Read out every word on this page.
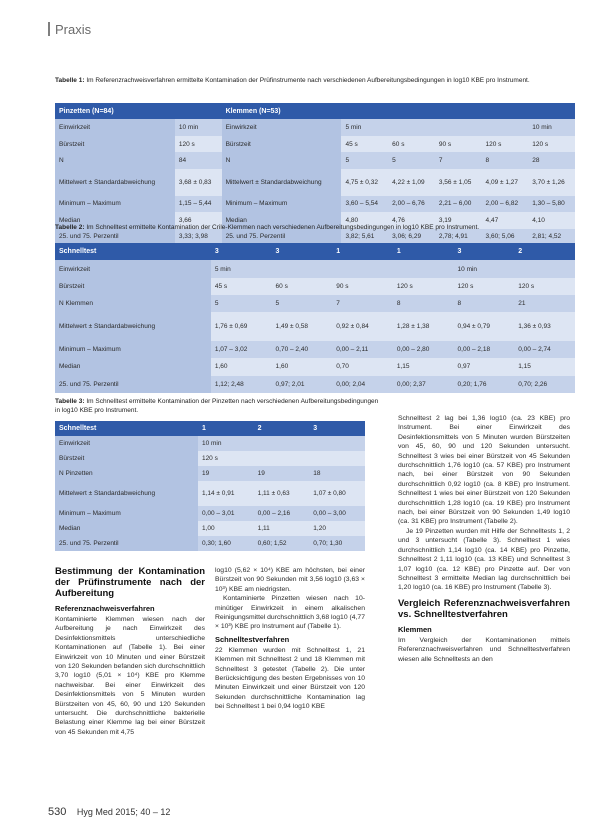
Praxis
Tabelle 1: Im Referenzrachweisverfahren ermittelte Kontamination der Prüfinstrumente nach verschiedenen Aufbereitungsbedingungen in log10 KBE pro Instrument.
Pinzetten (N=84)		Klemmen (N=53)					
Einwirkzeit	10 min	Einwirkzeit	5 min				10 min
Bürstzeit	120 s	Bürstzeit	45 s	60 s	90 s	120 s	120 s
N	84	N	5	5	7	8	28
Mittelwert ± Standardabweichung	3,68 ± 0,83	Mittelwert ± Standardabweichung	4,75 ± 0,32	4,22 ± 1,09	3,56 ± 1,05	4,09 ± 1,27	3,70 ± 1,26
Minimum – Maximum	1,15 – 5,44	Minimum – Maximum	3,60 – 5,54	2,00 – 6,76	2,21 – 6,00	2,00 – 6,82	1,30 – 5,80
Median	3,66	Median	4,80	4,76	3,19	4,47	4,10
25. und 75. Perzentil	3,33; 3,98	25. und 75. Perzentil	3,82; 5,61	3,06; 6,29	2,78; 4,91	3,60; 5,06	2,81; 4,52
Tabelle 2: Im Schnelltest ermittelte Kontamination der Crile-Klemmen nach verschiedenen Aufbereitungsbedingungen in log10 KBE pro Instrument.
Schnelltest	3	3	1	1	3	2
Einwirkzeit	5 min				10 min	
Bürstzeit	45 s	60 s	90 s	120 s	120 s	120 s
N Klemmen	5	5	7	8	8	21
Mittelwert ± Standardabweichung	1,76 ± 0,69	1,49 ± 0,58	0,92 ± 0,84	1,28 ± 1,38	0,94 ± 0,79	1,36 ± 0,93
Minimum – Maximum	1,07 – 3,02	0,70 – 2,40	0,00 – 2,11	0,00 – 2,80	0,00 – 2,18	0,00 – 2,74
Median	1,60	1,60	0,70	1,15	0,97	1,15
25. und 75. Perzentil	1,12; 2,48	0,97; 2,01	0,00; 2,04	0,00; 2,37	0,20; 1,76	0,70; 2,26
Tabelle 3: Im Schnelltest ermittelte Kontamination der Pinzetten nach verschiedenen Aufbereitungsbedingungen in log10 KBE pro Instrument.
Schnelltest	1	2	3
Einwirkzeit	10 min		
Bürstzeit	120 s		
N Pinzetten	19	19	18
Mittelwert ± Standardabweichung	1,14 ± 0,91	1,11 ± 0,63	1,07 ± 0,80
Minimum – Maximum	0,00 – 3,01	0,00 – 2,16	0,00 – 3,00
Median	1,00	1,11	1,20
25. und 75. Perzentil	0,30; 1,60	0,60; 1,52	0,70; 1,30
Bestimmung der Kontamination der Prüfinstrumente nach der Aufbereitung
Referenznachweisverfahren

Kontaminierte Klemmen wiesen nach der Aufbereitung je nach Einwirkzeit des Desinfektionsmittels unterschiedliche Kontaminationen auf (Tabelle 1). Bei einer Einwirkzeit von 10 Minuten und einer Bürstzeit von 120 Sekunden befanden sich durchschnittlich 3,70 log10 (5,01 × 10⁴) KBE pro Klemme nachweisbar. Bei einer Einwirkzeit des Desinfektionsmittels von 5 Minuten wurden Bürstzeiten von 45, 60, 90 und 120 Sekunden untersucht. Die durchschnittliche bakterielle Belastung einer Klemme lag bei einer Bürstzeit von 45 Sekunden mit 4,75

log10 (5,62 × 10⁴) KBE am höchsten, bei einer Bürstzeit von 90 Sekunden mit 3,56 log10 (3,63 × 10³) KBE am niedrigsten.

Kontaminierte Pinzetten wiesen nach 10-minütiger Einwirkzeit in einem alkalischen Reinigungsmittel durchschnittlich 3,68 log10 (4,77 × 10³) KBE pro Instrument auf (Tabelle 1).

Schnelltestverfahren

22 Klemmen wurden mit Schnelltest 1, 21 Klemmen mit Schnelltest 2 und 18 Klemmen mit Schnelltest 3 getestet (Tabelle 2). Die unter Berücksichtigung des besten Ergebnisses von 10 Minuten Einwirkzeit und einer Bürstzeit von 120 Sekunden durchschnittliche Kontamination lag bei Schnelltest 1 bei 0,94 log10 KBE

Schnelltest 2 lag bei 1,36 log10 (ca. 23 KBE) pro Instrument. Bei einer Einwirkzeit des Desinfektionsmittels von 5 Minuten wurden Bürstzeiten von 45, 60, 90 und 120 Sekunden untersucht. Schnelltest 3 wies bei einer Bürstzeit von 45 Sekunden durchschnittlich 1,76 log10 (ca. 57 KBE) pro Instrument nach, bei einer Bürstzeit von 90 Sekunden durchschnittlich 0,92 log10 (ca. 8 KBE) pro Instrument. Schnelltest 1 wies bei einer Bürstzeit von 120 Sekunden durchschnittlich 1,28 log10 (ca. 19 KBE) pro Instrument nach, bei einer Bürstzeit von 90 Sekunden 1,49 log10 (ca. 31 KBE) pro Instrument (Tabelle 2).

Je 19 Pinzetten wurden mit Hilfe der Schnelltests 1, 2 und 3 untersucht (Tabelle 3). Schnelltest 1 wies durchschnittlich 1,14 log10 (ca. 14 KBE) pro Pinzette, Schnelltest 2 1,11 log10 (ca. 13 KBE) und Schnelltest 3 1,07 log10 (ca. 12 KBE) pro Pinzette auf. Der von Schnelltest 3 ermittelte Median lag durchschnittlich bei 1,20 log10 (ca. 16 KBE) pro Instrument (Tabelle 3).

Vergleich Referenznachweisverfahren vs. Schnelltestverfahren
Klemmen

Im Vergleich der Kontaminationen mittels Referenznachweisverfahren und Schnelltestverfahren wiesen alle Schnelltests an den

530 Hyg Med 2015; 40 – 12
